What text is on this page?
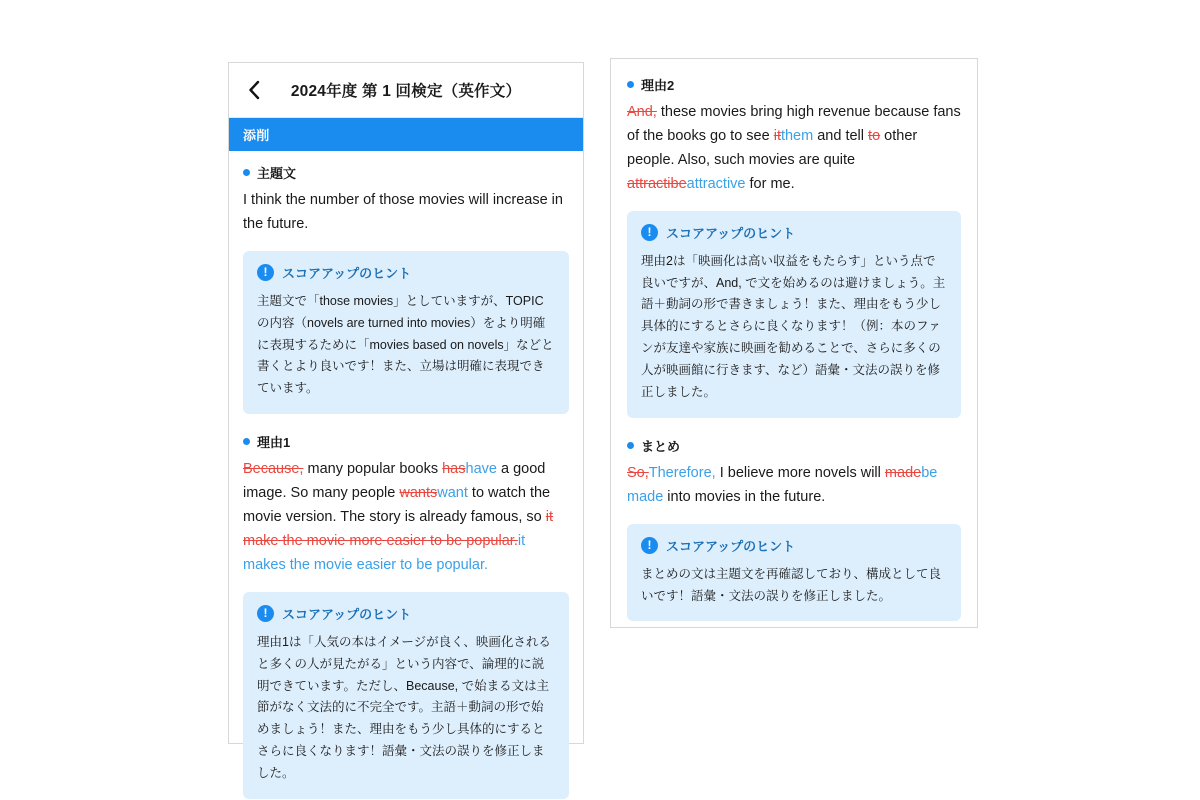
2024年度 第 1 回検定（英作文）
添削
主題文
I think the number of those movies will increase in the future.
!	スコアアップのヒント
主題文で「those movies」としていますが、TOPICの内容（novels are turned into movies）をより明確に表現するために「movies based on novels」などと書くとより良いです！また、立場は明確に表現できています。
理由1
Because, many popular books hashave a good image. So many people wantswant to watch the movie version. The story is already famous, so it make the movie more easier to be popular.it makes the movie easier to be popular.
!	スコアアップのヒント
理由1は「人気の本はイメージが良く、映画化されると多くの人が見たがる」という内容で、論理的に説明できています。ただし、Because, で始まる文は主節がなく文法的に不完全です。主語＋動詞の形で始めましょう！また、理由をもう少し具体的にするとさらに良くなります！語彙・文法の誤りを修正しました。
理由2
And, these movies bring high revenue because fans of the books go to see itthem and tell to other people. Also, such movies are quite attractibeattractive for me.
!	スコアアップのヒント
理由2は「映画化は高い収益をもたらす」という点で良いですが、And, で文を始めるのは避けましょう。主語＋動詞の形で書きましょう！また、理由をもう少し具体的にするとさらに良くなります！（例：本のファンが友達や家族に映画を勧めることで、さらに多くの人が映画館に行きます、など）語彙・文法の誤りを修正しました。
まとめ
So,Therefore, I believe more novels will madebe made into movies in the future.
!	スコアアップのヒント
まとめの文は主題文を再確認しており、構成として良いです！語彙・文法の誤りを修正しました。
